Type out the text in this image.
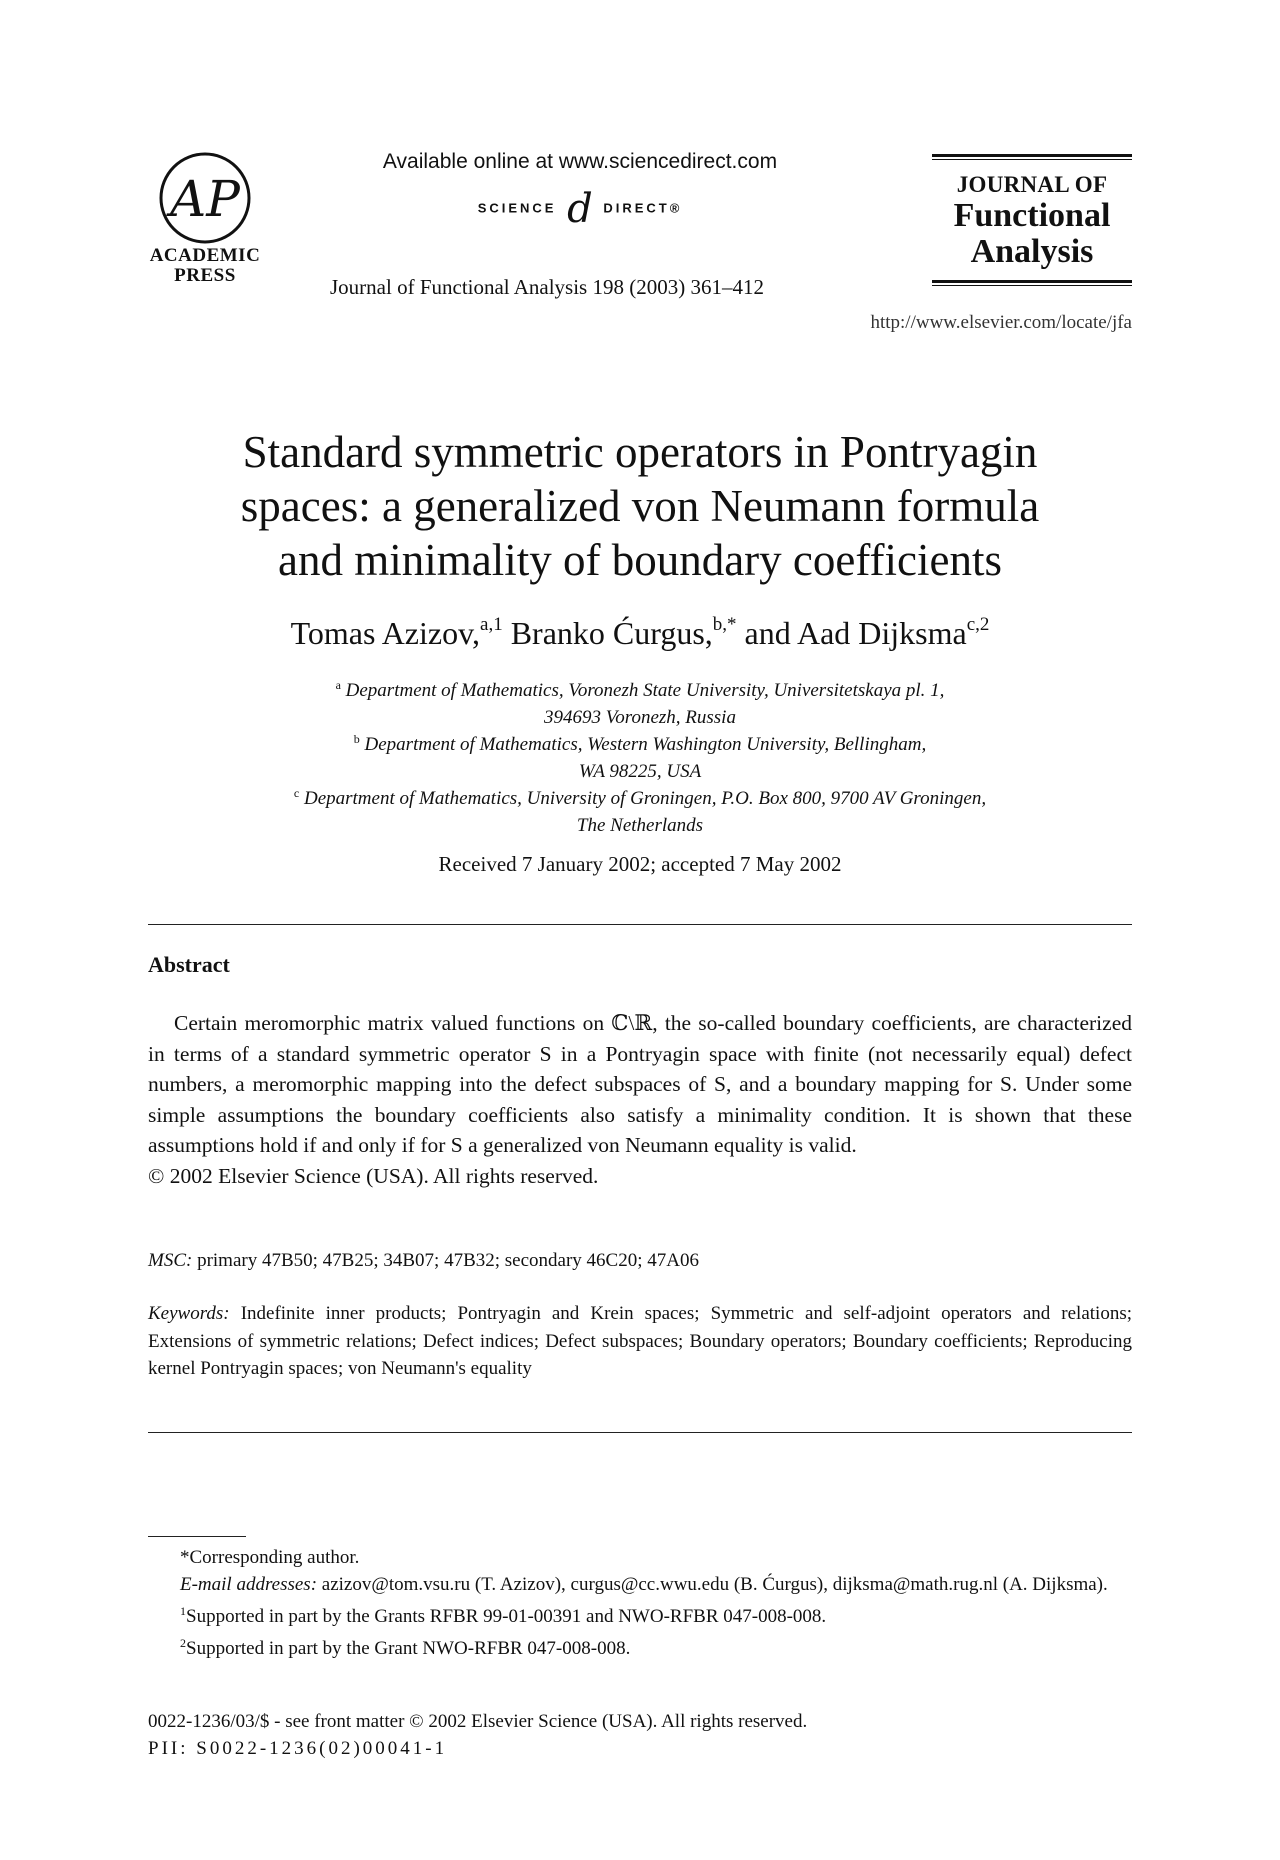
AP
ACADEMIC
PRESS
Available online at www.sciencedirect.com
SCIENCE d DIRECT®
Journal of Functional Analysis 198 (2003) 361–412
JOURNAL OF
Functional
Analysis
http://www.elsevier.com/locate/jfa
Standard symmetric operators in Pontryagin
spaces: a generalized von Neumann formula
and minimality of boundary coefficients
Tomas Azizov,$^{a,1}$ Branko Ćurgus,$^{b,*}$ and Aad Dijksma$^{c,2}$
$^a$ Department of Mathematics, Voronezh State University, Universitetskaya pl. 1,
394693 Voronezh, Russia
$^b$ Department of Mathematics, Western Washington University, Bellingham,
WA 98225, USA
$^c$ Department of Mathematics, University of Groningen, P.O. Box 800, 9700 AV Groningen,
The Netherlands
Received 7 January 2002; accepted 7 May 2002
Abstract

Certain meromorphic matrix valued functions on ℂ\ℝ, the so-called boundary coefficients, are characterized in terms of a standard symmetric operator S in a Pontryagin space with finite (not necessarily equal) defect numbers, a meromorphic mapping into the defect subspaces of S, and a boundary mapping for S. Under some simple assumptions the boundary coefficients also satisfy a minimality condition. It is shown that these assumptions hold if and only if for S a generalized von Neumann equality is valid.

© 2002 Elsevier Science (USA). All rights reserved.

MSC: primary 47B50; 47B25; 34B07; 47B32; secondary 46C20; 47A06
Keywords: Indefinite inner products; Pontryagin and Krein spaces; Symmetric and self-adjoint operators and relations; Extensions of symmetric relations; Defect indices; Defect subspaces; Boundary operators; Boundary coefficients; Reproducing kernel Pontryagin spaces; von Neumann's equality
*Corresponding author.
E-mail addresses: azizov@tom.vsu.ru (T. Azizov), curgus@cc.wwu.edu (B. Ćurgus), dijksma@math.rug.nl (A. Dijksma).
$^1$Supported in part by the Grants RFBR 99-01-00391 and NWO-RFBR 047-008-008.
$^2$Supported in part by the Grant NWO-RFBR 047-008-008.
0022-1236/03/$ - see front matter © 2002 Elsevier Science (USA). All rights reserved.
PII: S0022-1236(02)00041-1
